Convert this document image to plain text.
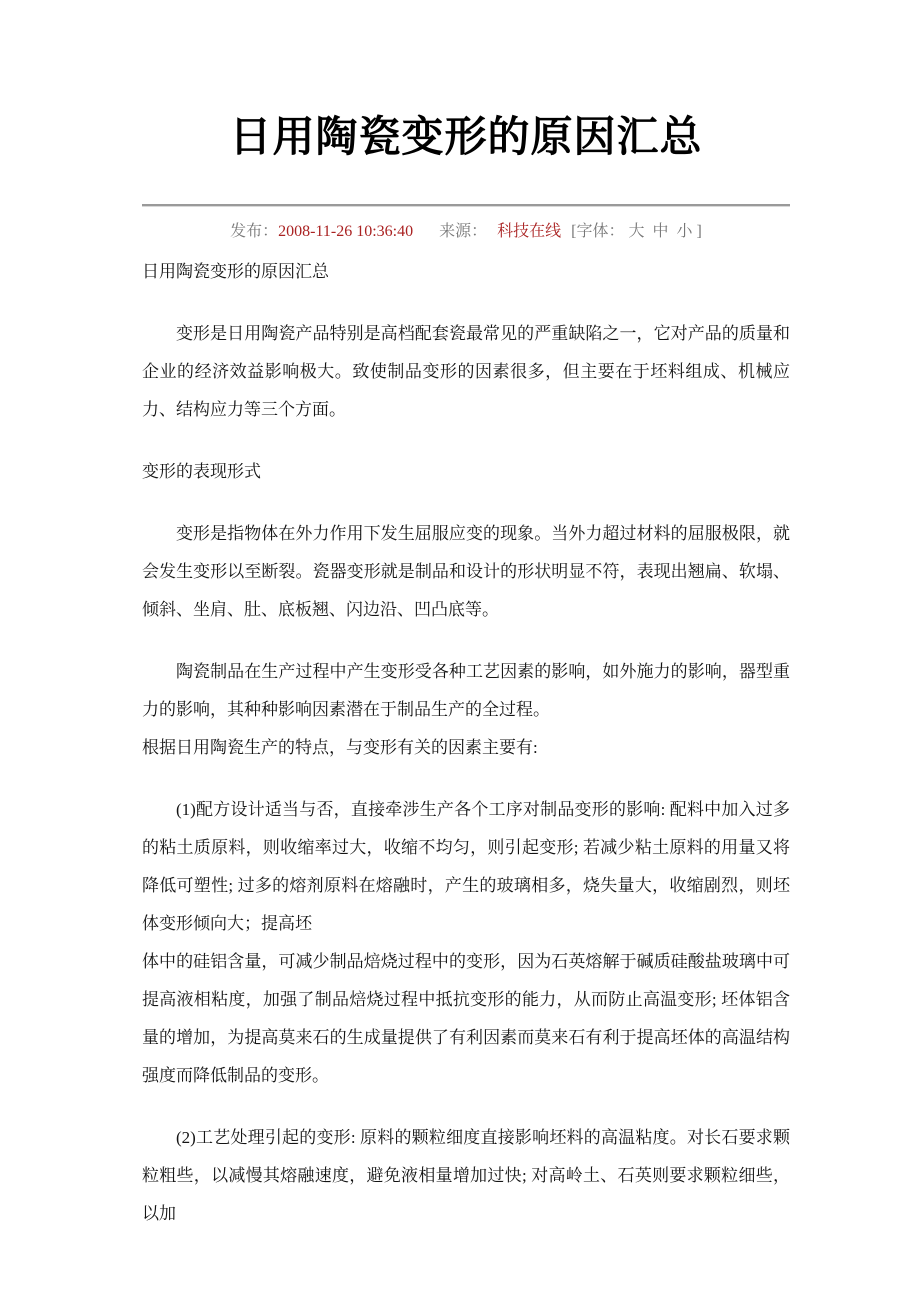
日用陶瓷变形的原因汇总
发布：2008-11-26 10:36:40 来源： 科技在线 [字体： 大 中 小 ]

日用陶瓷变形的原因汇总

变形是日用陶瓷产品特别是高档配套瓷最常见的严重缺陷之一，它对产品的质量和企业的经济效益影响极大。致使制品变形的因素很多，但主要在于坯料组成、机械应力、结构应力等三个方面。

变形的表现形式

变形是指物体在外力作用下发生屈服应变的现象。当外力超过材料的屈服极限，就会发生变形以至断裂。瓷器变形就是制品和设计的形状明显不符，表现出翘扁、软塌、倾斜、坐肩、肚、底板翘、闪边沿、凹凸底等。

陶瓷制品在生产过程中产生变形受各种工艺因素的影响，如外施力的影响，器型重力的影响，其种种影响因素潜在于制品生产的全过程。

根据日用陶瓷生产的特点，与变形有关的因素主要有:

(1)配方设计适当与否，直接牵涉生产各个工序对制品变形的影响: 配料中加入过多的粘土质原料，则收缩率过大，收缩不均匀，则引起变形; 若减少粘土原料的用量又将降低可塑性; 过多的熔剂原料在熔融时，产生的玻璃相多，烧失量大，收缩剧烈，则坯体变形倾向大；提高坯

体中的硅铝含量，可减少制品焙烧过程中的变形，因为石英熔解于碱质硅酸盐玻璃中可提高液相粘度，加强了制品焙烧过程中抵抗变形的能力，从而防止高温变形; 坯体铝含量的增加，为提高莫来石的生成量提供了有利因素而莫来石有利于提高坯体的高温结构强度而降低制品的变形。

(2)工艺处理引起的变形: 原料的颗粒细度直接影响坯料的高温粘度。对长石要求颗粒粗些，以减慢其熔融速度，避免液相量增加过快; 对高岭土、石英则要求颗粒细些，以加
